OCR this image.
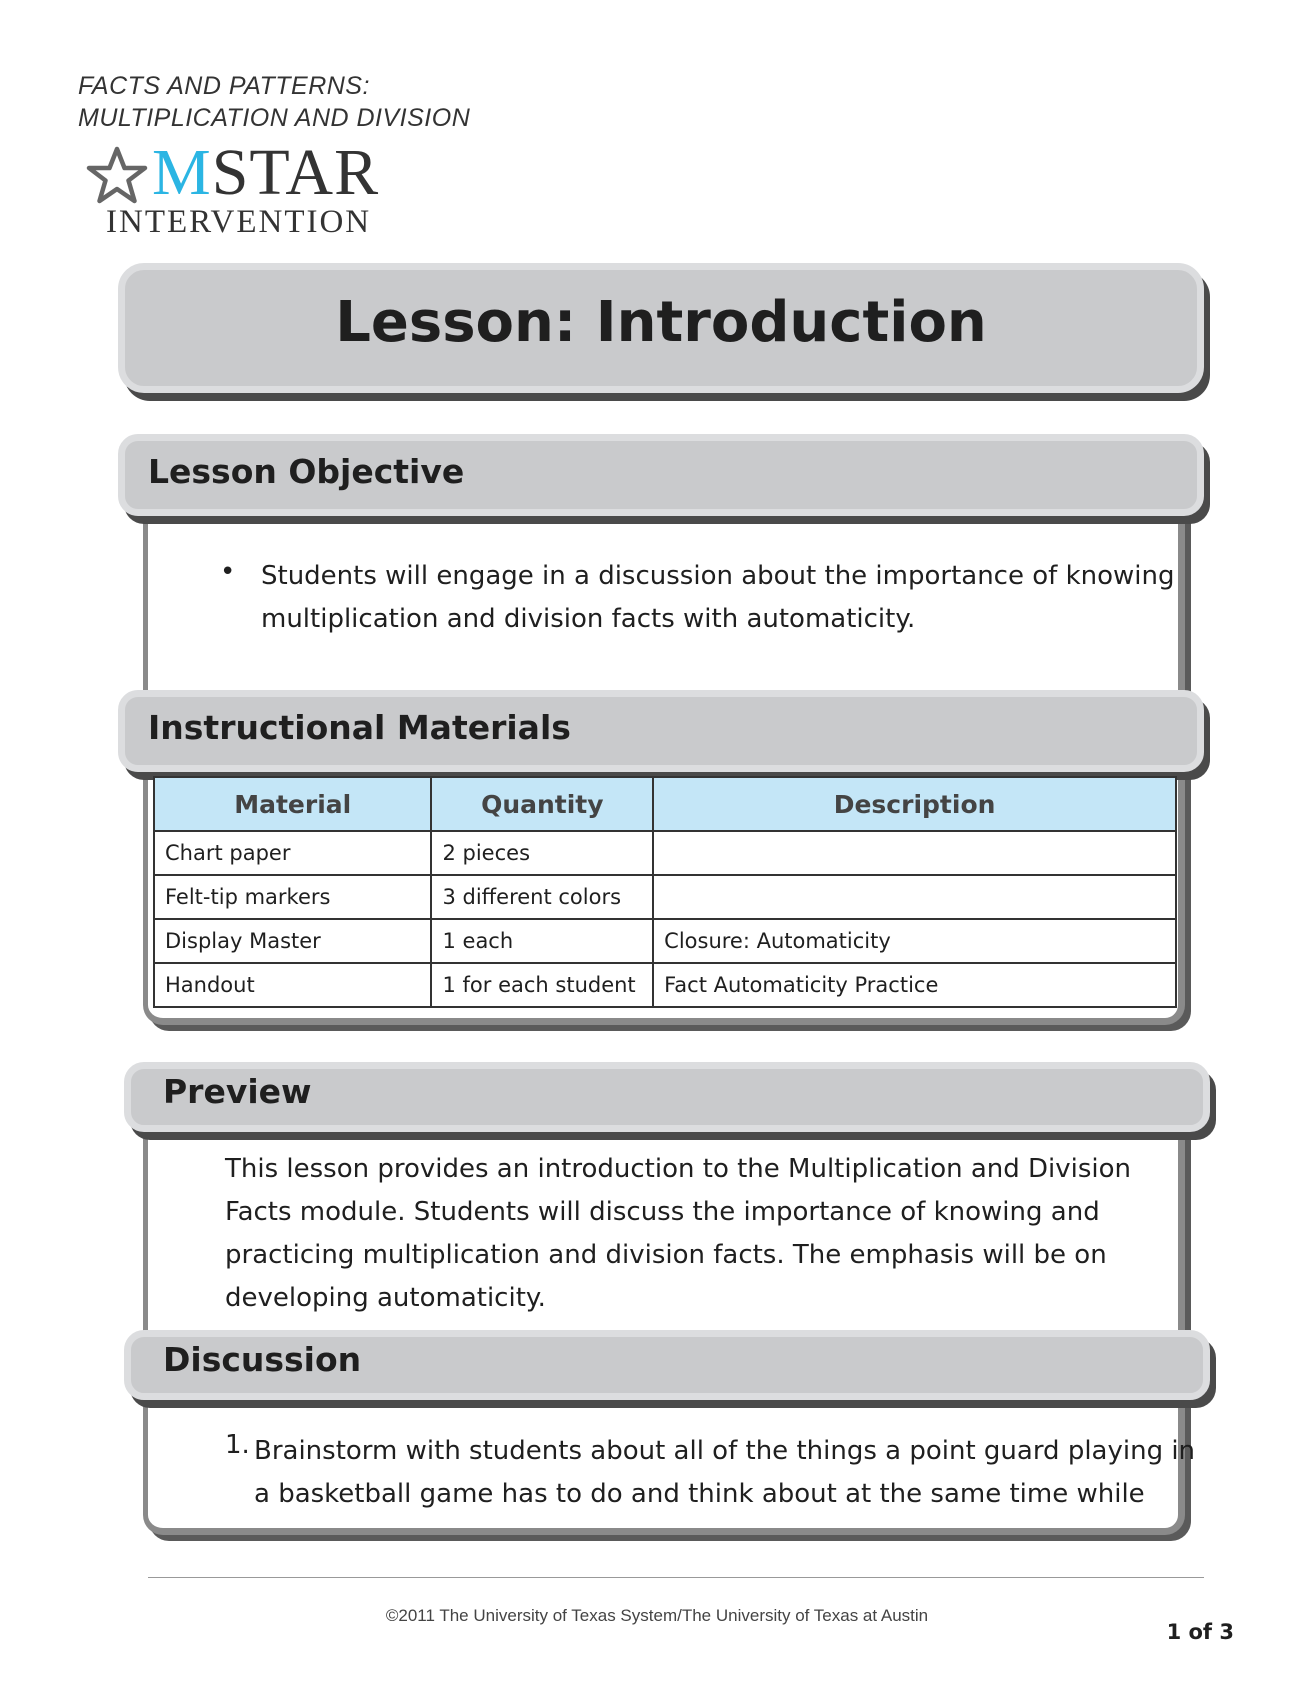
FACTS AND PATTERNS:
MULTIPLICATION AND DIVISION
MSTAR
INTERVENTION
Lesson: Introduction
Lesson Objective
• Students will engage in a discussion about the importance of knowing
multiplication and division facts with automaticity.
Instructional Materials
Material	Quantity	Description
Chart paper	2 pieces	
Felt-tip markers	3 different colors	
Display Master	1 each	Closure: Automaticity
Handout	1 for each student	Fact Automaticity Practice
Preview
This lesson provides an introduction to the Multiplication and Division
Facts module. Students will discuss the importance of knowing and
practicing multiplication and division facts. The emphasis will be on
developing automaticity.
Discussion
1. Brainstorm with students about all of the things a point guard playing in
a basketball game has to do and think about at the same time while
©2011 The University of Texas System/The University of Texas at Austin
1 of 3
